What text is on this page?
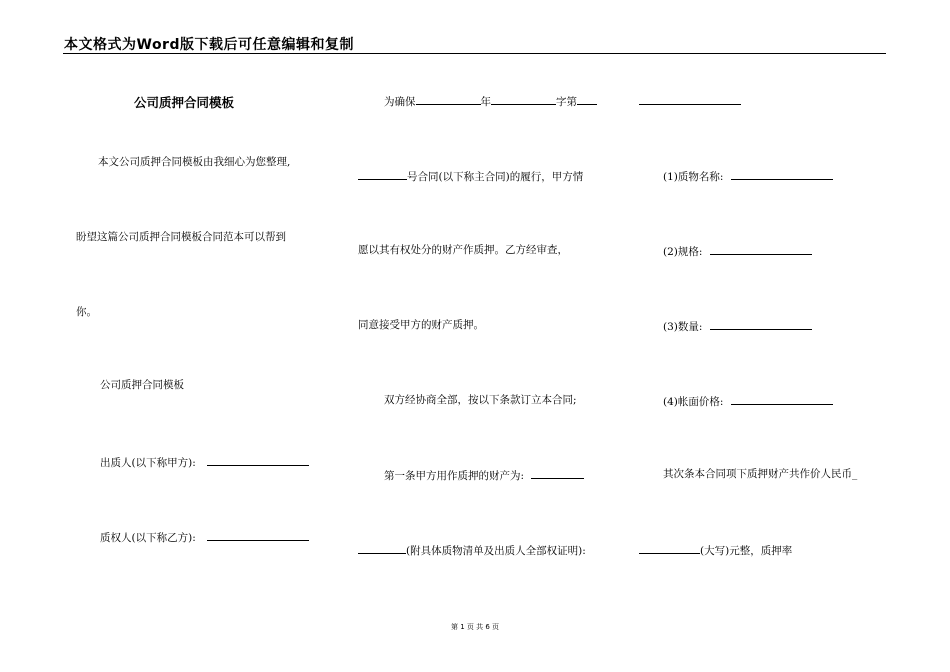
本文格式为Word版下载后可任意编辑和复制
公司质押合同模板
本文公司质押合同模板由我细心为您整理,
盼望这篇公司质押合同模板合同范本可以帮到
你。
公司质押合同模板
出质人(以下称甲方):
质权人(以下称乙方):
为确保	年	字第
号合同(以下称主合同)的履行，甲方情
愿以其有权处分的财产作质押。乙方经审查，
同意接受甲方的财产质押。
双方经协商全部，按以下条款订立本合同;
第一条甲方用作质押的财产为:
(附具体质物清单及出质人全部权证明):
(1)质物名称:
(2)规格:
(3)数量:
(4)帐面价格:
其次条本合同项下质押财产共作价人民币_
(大写)元整，质押率
第 1 页 共 6 页
